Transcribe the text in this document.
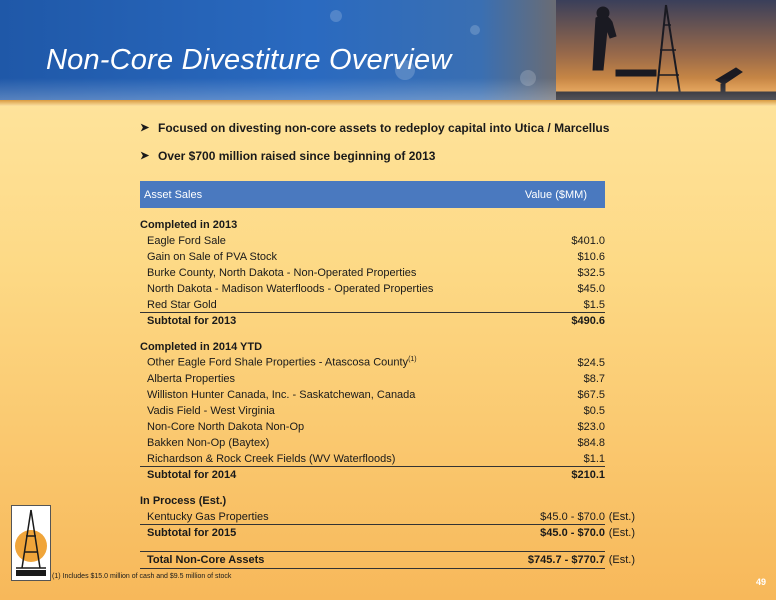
Non-Core Divestiture Overview
➤ Focused on divesting non-core assets to redeploy capital into Utica / Marcellus
➤ Over $700 million raised since beginning of 2013
Asset Sales	Value ($MM)
Completed in 2013
Eagle Ford Sale	$401.0
Gain on Sale of PVA Stock	$10.6
Burke County, North Dakota - Non-Operated Properties	$32.5
North Dakota - Madison Waterfloods - Operated Properties	$45.0
Red Star Gold	$1.5
Subtotal for 2013	$490.6
Completed in 2014 YTD
Other Eagle Ford Shale Properties - Atascosa County$^{(1)}$	$24.5
Alberta Properties	$8.7
Williston Hunter Canada, Inc. - Saskatchewan, Canada	$67.5
Vadis Field - West Virginia	$0.5
Non-Core North Dakota Non-Op	$23.0
Bakken Non-Op (Baytex)	$84.8
Richardson & Rock Creek Fields (WV Waterfloods)	$1.1
Subtotal for 2014	$210.1
In Process (Est.)
Kentucky Gas Properties	$45.0 - $70.0 (Est.)
Subtotal for 2015	$45.0 - $70.0 (Est.)
Total Non-Core Assets	$745.7 - $770.7 (Est.)

(1) Includes $15.0 million of cash and $9.5 million of stock

49
